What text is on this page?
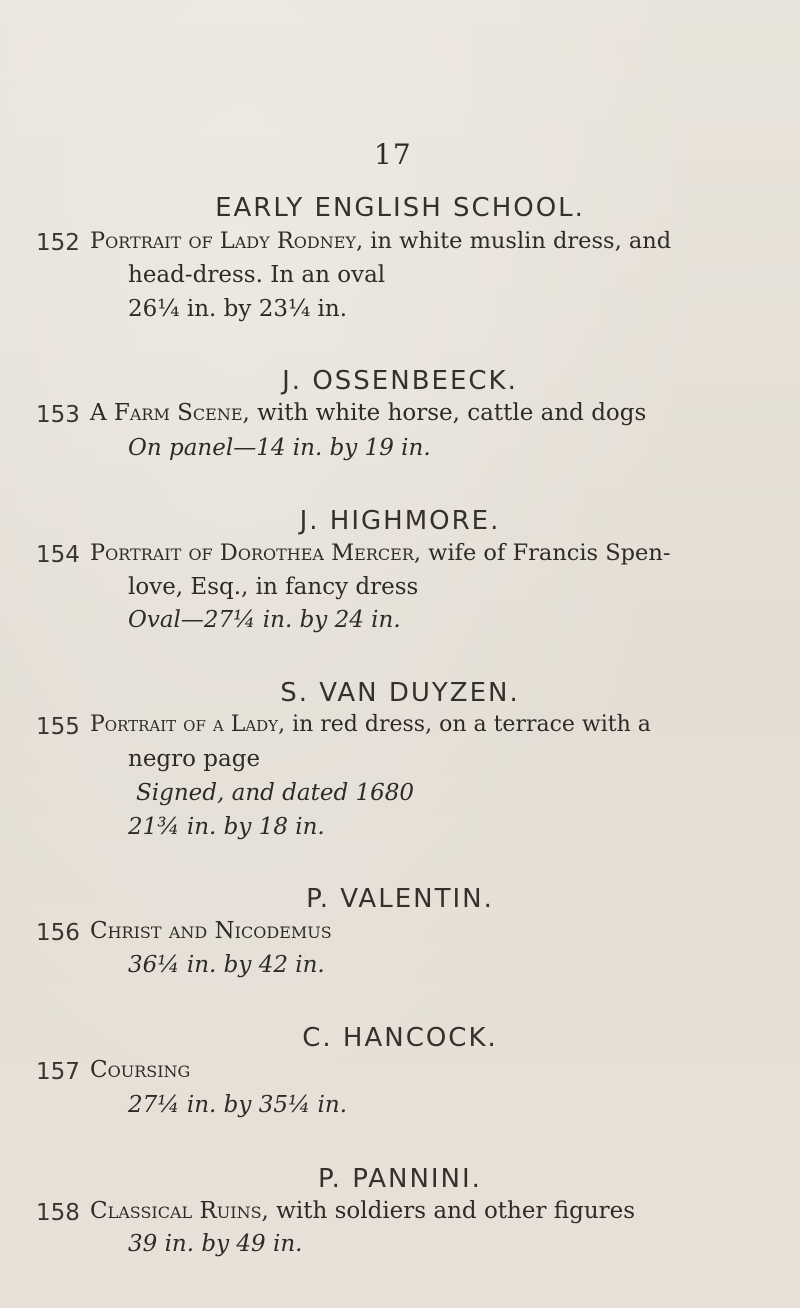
17
EARLY ENGLISH SCHOOL.
152 Portrait of Lady Rodney, in white muslin dress, and
head-dress. In an oval
26¼ in. by 23¼ in.
J. OSSENBEECK.
153 A Farm Scene, with white horse, cattle and dogs
On panel—14 in. by 19 in.
J. HIGHMORE.
154 Portrait of Dorothea Mercer, wife of Francis Spen-
love, Esq., in fancy dress
Oval—27¼ in. by 24 in.
S. VAN DUYZEN.
155 Portrait of a Lady, in red dress, on a terrace with a
negro page
Signed, and dated 1680
21¾ in. by 18 in.
P. VALENTIN.
156 Christ and Nicodemus
36¼ in. by 42 in.
C. HANCOCK.
157 Coursing
27¼ in. by 35¼ in.
P. PANNINI.
158 Classical Ruins, with soldiers and other figures
39 in. by 49 in.
